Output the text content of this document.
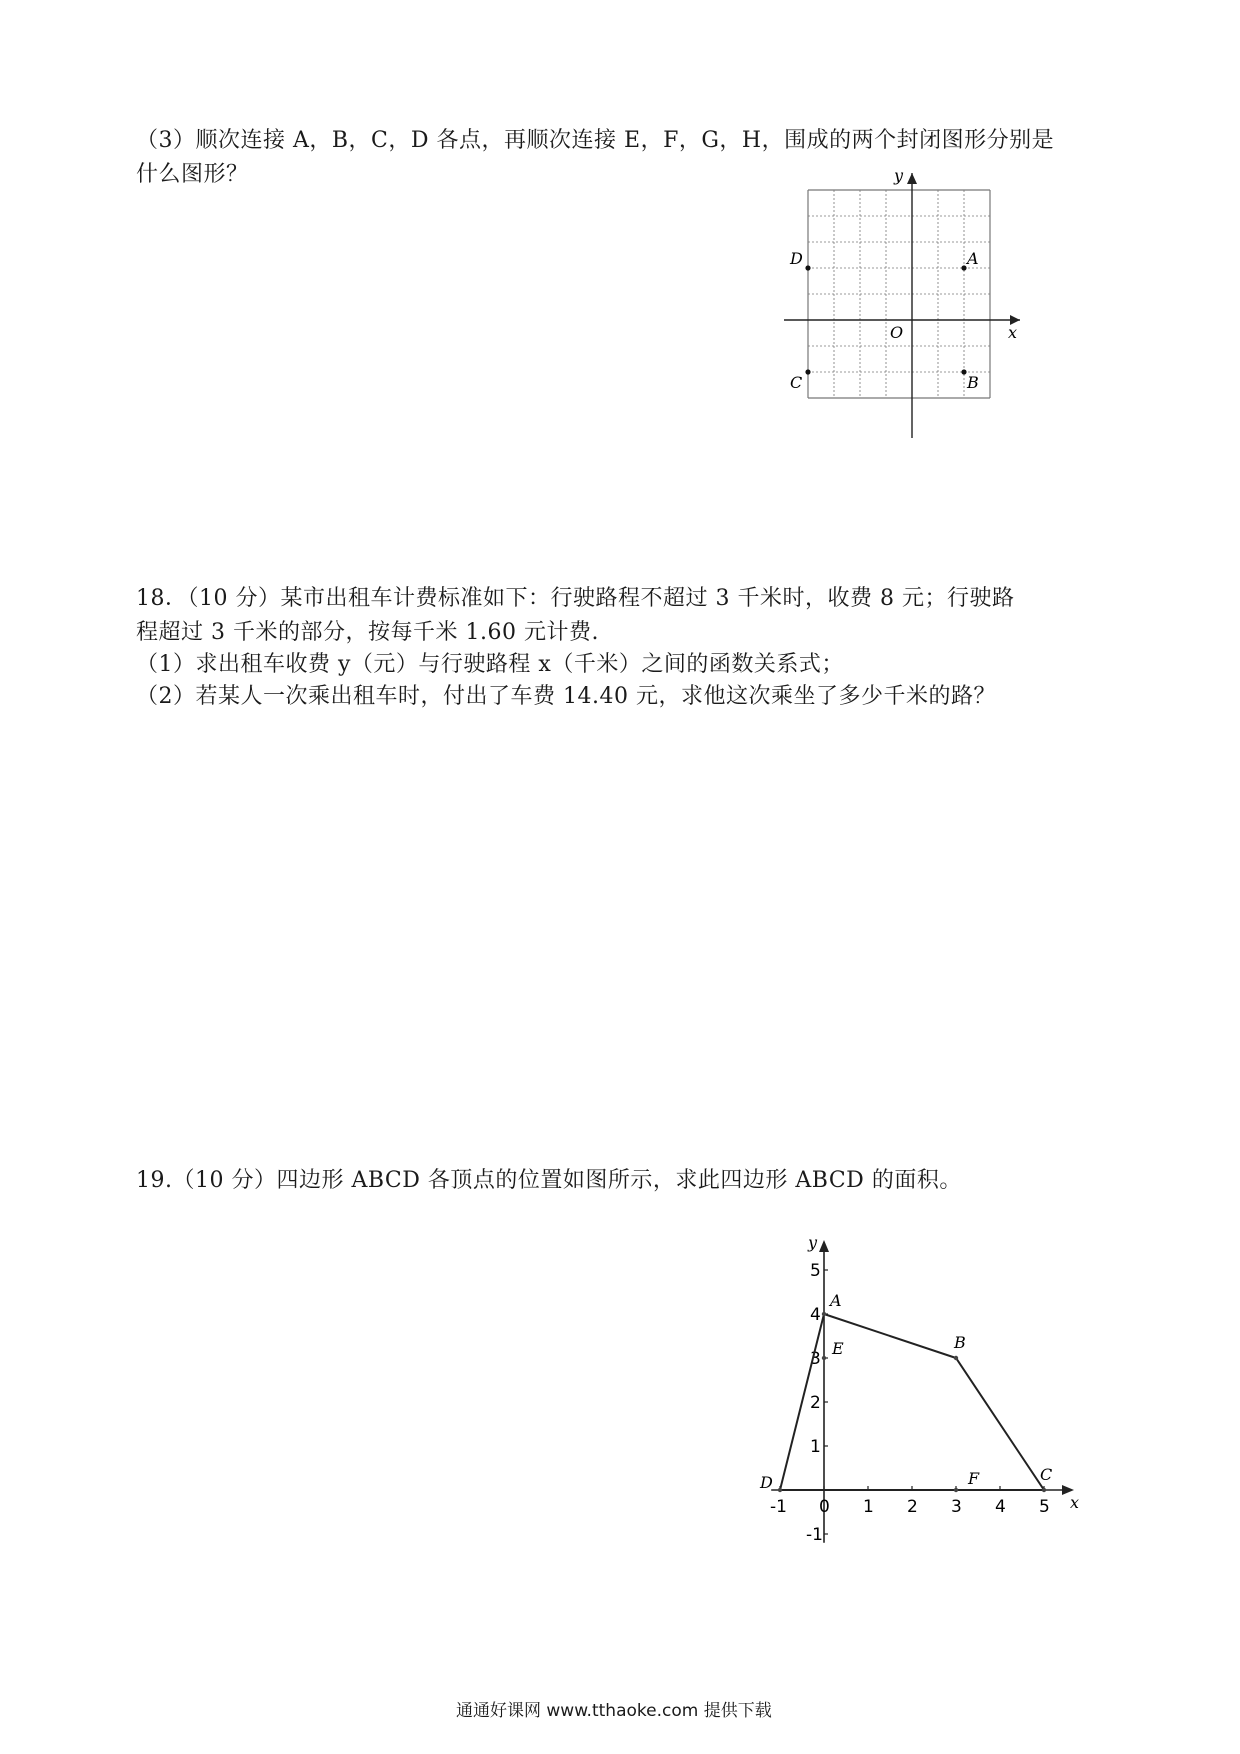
（3）顺次连接 A，B，C，D 各点，再顺次连接 E，F，G，H，围成的两个封闭图形分别是
什么图形？
x
y
O
A
B
C
D
18．（10 分）某市出租车计费标准如下：行驶路程不超过 3 千米时，收费 8 元；行驶路
程超过 3 千米的部分，按每千米 1.60 元计费.
（1）求出租车收费 y（元）与行驶路程 x（千米）之间的函数关系式；
（2）若某人一次乘出租车时，付出了车费 14.40 元，求他这次乘坐了多少千米的路？
19.（10 分）四边形 ABCD 各顶点的位置如图所示，求此四边形 ABCD 的面积。
x
y
-1 0 1 2 3 4 5
5
4
3
2
1
-1
A
B
C
D
E
F
通通好课网 www.tthaoke.com 提供下载
